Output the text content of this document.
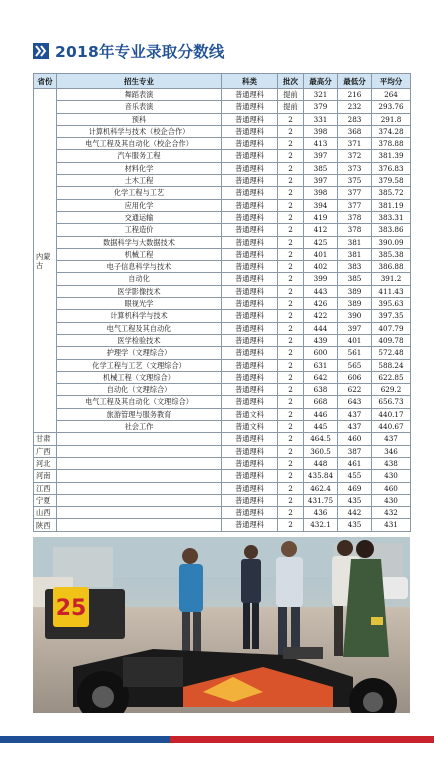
2018年专业录取分数线
省份	招生专业	科类	批次	最高分	最低分	平均分
内蒙古	舞蹈表演	普通理科	提前	321	216	264
	音乐表演	普通理科	提前	379	232	293.76
	预科	普通理科	2	331	283	291.8
	计算机科学与技术（校企合作）	普通理科	2	398	368	374.28
	电气工程及其自动化（校企合作）	普通理科	2	413	371	378.88
	汽车服务工程	普通理科	2	397	372	381.39
	材料化学	普通理科	2	385	373	376.83
	土木工程	普通理科	2	397	375	379.58
	化学工程与工艺	普通理科	2	398	377	385.72
	应用化学	普通理科	2	394	377	381.19
	交通运输	普通理科	2	419	378	383.31
	工程造价	普通理科	2	412	378	383.86
	数据科学与大数据技术	普通理科	2	425	381	390.09
	机械工程	普通理科	2	401	381	385.38
	电子信息科学与技术	普通理科	2	402	383	386.88
	自动化	普通理科	2	399	385	391.2
	医学影像技术	普通理科	2	443	389	411.43
	眼视光学	普通理科	2	426	389	395.63
	计算机科学与技术	普通理科	2	422	390	397.35
	电气工程及其自动化	普通理科	2	444	397	407.79
	医学检验技术	普通理科	2	439	401	409.78
	护理学（文理综合）	普通理科	2	600	561	572.48
	化学工程与工艺（文理综合）	普通理科	2	631	565	588.24
	机械工程（文理综合）	普通理科	2	642	606	622.85
	自动化（文理综合）	普通理科	2	638	622	629.2
	电气工程及其自动化（文理综合）	普通理科	2	668	643	656.73
	旅游管理与服务教育	普通文科	2	446	437	440.17
	社会工作	普通文科	2	445	437	440.67
甘肃		普通理科	2	464.5	460	437
广西		普通理科	2	360.5	387	346
河北		普通理科	2	448	461	438
河南		普通理科	2	435.84	455	430
江西		普通理科	2	462.4	469	460
宁夏		普通理科	2	431.75	435	430
山西		普通理科	2	436	442	432
陕西		普通理科	2	432.1	435	431
25
